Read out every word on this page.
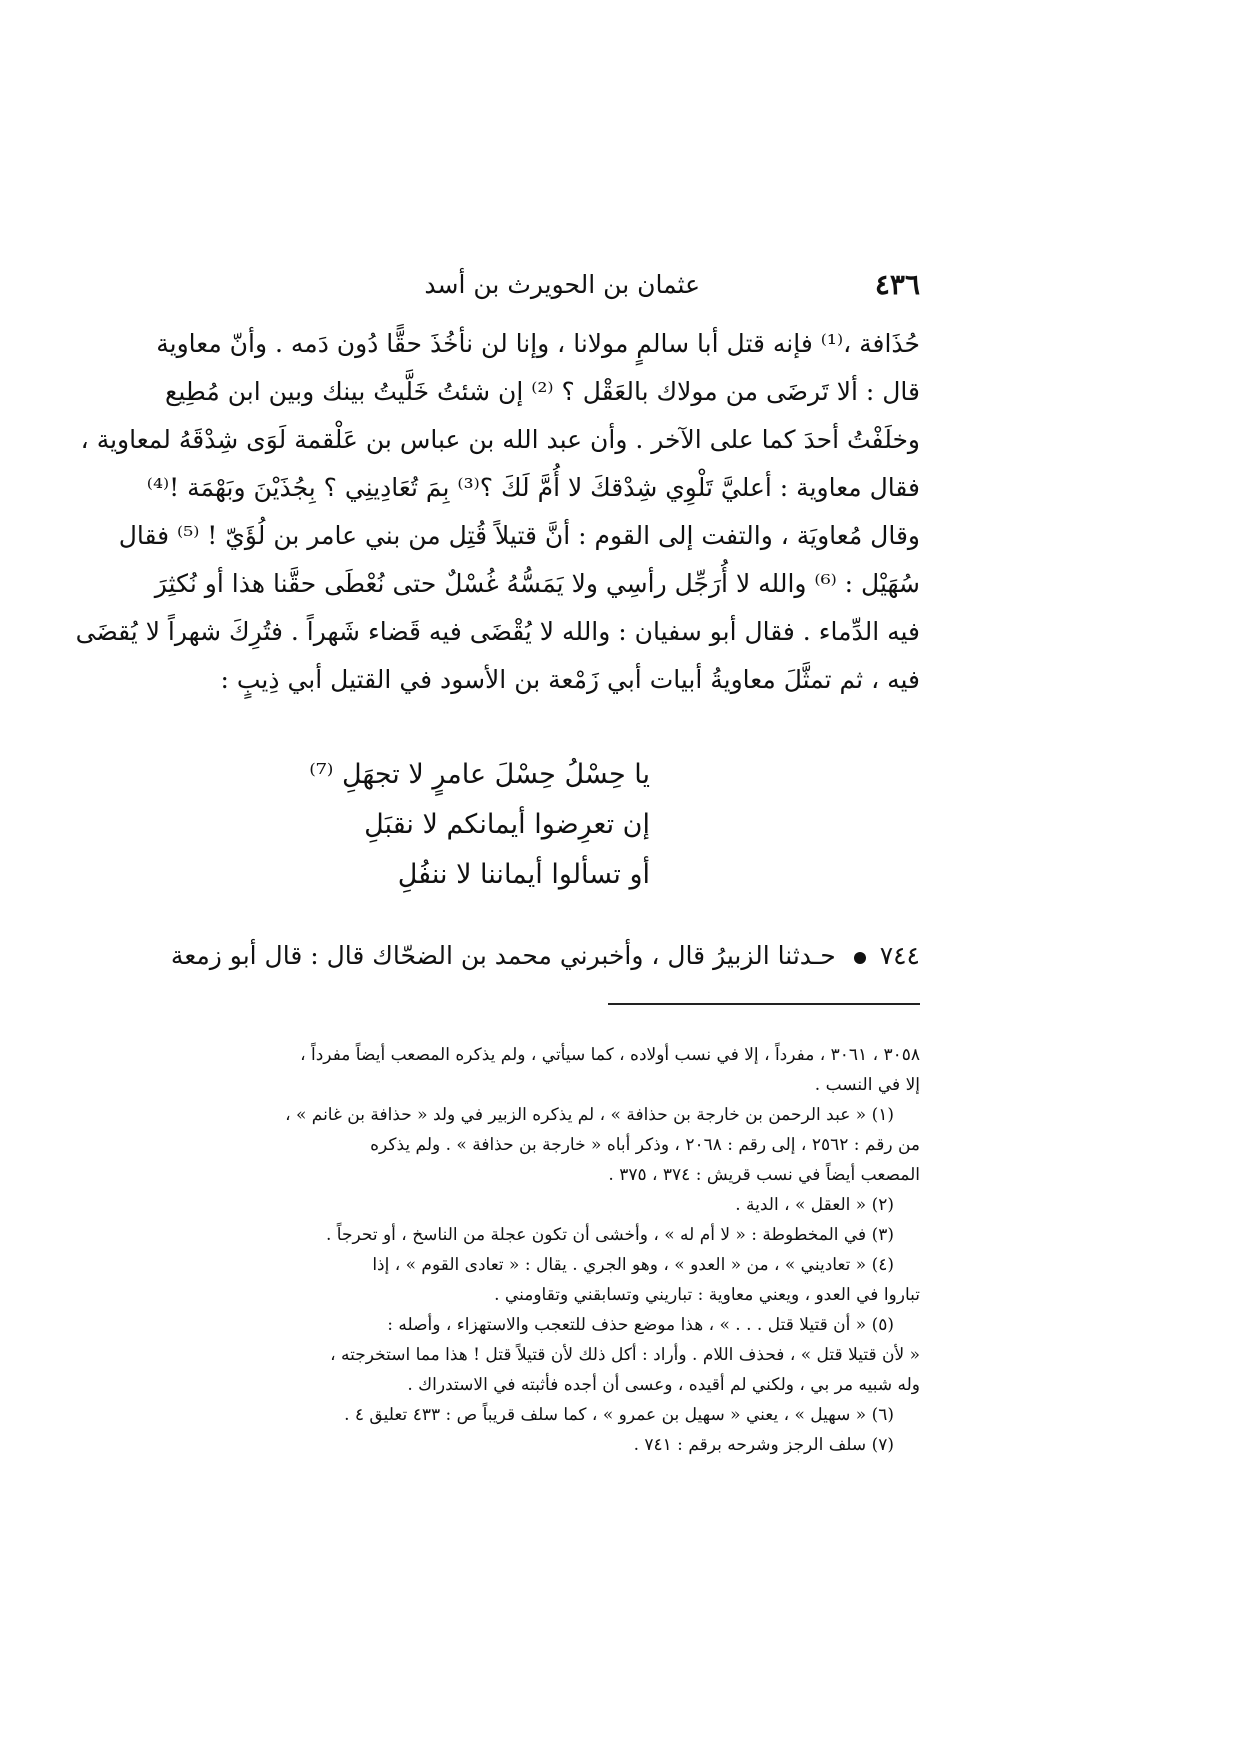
٤٣٦
عثمان بن الحويرث بن أسد
حُذَافة ،⁽¹⁾ فإنه قتل أبا سالمٍ مولانا ، وإنا لن نأخُذَ حقًّا دُون دَمه . وأنّ معاوية
قال : ألا تَرضَى من مولاك بالعَقْل ؟ ⁽²⁾ إن شئتُ خَلَّيتُ بينك وبين ابن مُطِيع
وخلَفْتُ أحدَ كما على الآخر . وأن عبد الله بن عباس بن عَلْقمة لَوَى شِدْقَهُ لمعاوية ،
فقال معاوية : أعليَّ تَلْوِي شِدْقكَ لا أُمَّ لَكَ ؟⁽³⁾ بِمَ تُعَادِينِي ؟ بِجُذَيْنَ وبَهْمَة !⁽⁴⁾
وقال مُعاويَة ، والتفت إلى القوم : أنَّ قتيلاً قُتِل من بني عامر بن لُؤَيّ ! ⁽⁵⁾ فقال
سُهَيْل : ⁽⁶⁾ والله لا أُرَجِّل رأسِي ولا يَمَسُّهُ غُسْلٌ حتى نُعْطَى حقَّنا هذا أو نُكثِرَ
فيه الدِّماء . فقال أبو سفيان : والله لا يُقْضَى فيه قَضاء شَهراً . فتُرِكَ شهراً لا يُقضَى
فيه ، ثم تمثَّلَ معاويةُ أبيات أبي زَمْعة بن الأسود في القتيل أبي ذِيبٍ :
يا حِسْلُ حِسْلَ عامرٍ لا تجهَلِ ⁽⁷⁾
إن تعرِضوا أيمانكم لا نقبَلِ
أو تسألوا أيماننا لا ننفُلِ
٧٤٤حـدثنا الزبيرُ قال ، وأخبرني محمد بن الضحّاك قال : قال أبو زمعة
٣٠٥٨ ، ٣٠٦١ ، مفرداً ، إلا في نسب أولاده ، كما سيأتي ، ولم يذكره المصعب أيضاً مفرداً ،
إلا في النسب .
(١) « عبد الرحمن بن خارجة بن حذافة » ، لم يذكره الزبير في ولد « حذافة بن غانم » ،
من رقم : ٢٥٦٢ ، إلى رقم : ٢٠٦٨ ، وذكر أباه « خارجة بن حذافة » . ولم يذكره
المصعب أيضاً في نسب قريش : ٣٧٤ ، ٣٧٥ .
(٢) « العقل » ، الدية .
(٣) في المخطوطة : « لا أم له » ، وأخشى أن تكون عجلة من الناسخ ، أو تحرجاً .
(٤) « تعاديني » ، من « العدو » ، وهو الجري . يقال : « تعادى القوم » ، إذا
تباروا في العدو ، ويعني معاوية : تباريني وتسابقني وتقاومني .
(٥) « أن قتيلا قتل . . . » ، هذا موضع حذف للتعجب والاستهزاء ، وأصله :
« لأن قتيلا قتل » ، فحذف اللام . وأراد : أكل ذلك لأن قتيلاً قتل ! هذا مما استخرجته ،
وله شبيه مر بي ، ولكني لم أقيده ، وعسى أن أجده فأثبته في الاستدراك .
(٦) « سهيل » ، يعني « سهيل بن عمرو » ، كما سلف قريباً ص : ٤٣٣ تعليق ٤ .
(٧) سلف الرجز وشرحه برقم : ٧٤١ .
